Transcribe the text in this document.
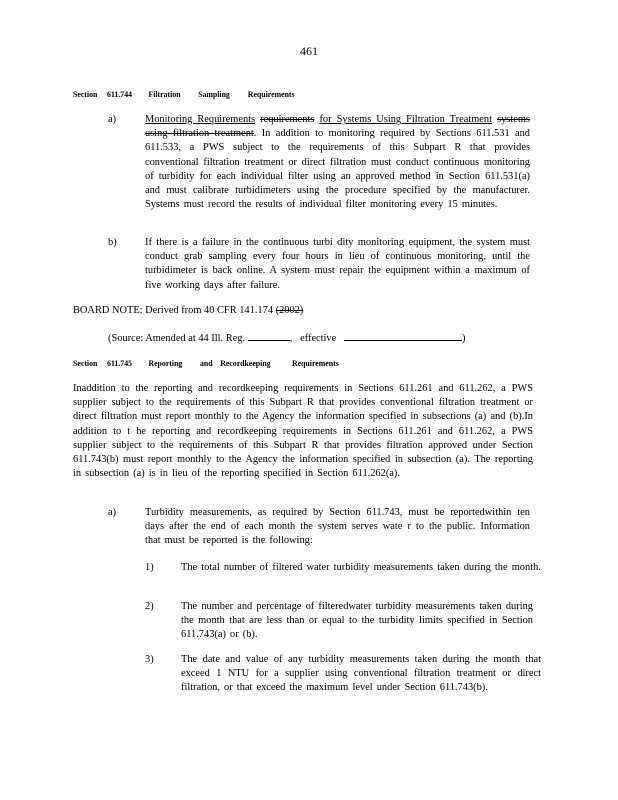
461
Section 611.744 Filtration Sampling Requirements
a)	Monitoring Requirements requirements for Systems Using Filtration Treatment systems using filtration treatment. In addition to monitoring required by Sections 611.531 and 611.533, a PWS subject to the requirements of this Subpart R that provides conventional filtration treatment or direct filtration must conduct continuous monitoring of turbidity for each individual filter using an approved method in Section 611.531(a) and must calibrate turbidimeters using the procedure specified by the manufacturer. Systems must record the results of individual filter monitoring every 15 minutes.
b)	If there is a failure in the continuous turbi dity monitoring equipment, the system must conduct grab sampling every four hours in lieu of continuous monitoring, until the turbidimeter is back online. A system must repair the equipment within a maximum of five working days after failure.
BOARD NOTE: Derived from 40 CFR 141.174 (2002)
(Source: Amended at 44 Ill. Reg.	, effective	)
Section 611.745 Reporting and Recordkeeping	Requirements
Inaddition to the reporting and recordkeeping requirements in Sections 611.261 and 611.262, a PWS supplier subject to the requirements of this Subpart R that provides conventional filtration treatment or direct filtration must report monthly to the Agency the information specified in subsections (a) and (b).In addition to t he reporting and recordkeeping requirements in Sections 611.261 and 611.262, a PWS supplier subject to the requirements of this Subpart R that provides filtration approved under Section 611.743(b) must report monthly to the Agency the information specified in subsection (a). The reporting in subsection (a) is in lieu of the reporting specified in Section 611.262(a).
a)	Turbidity measurements, as required by Section 611.743, must be reportedwithin ten days after the end of each month the system serves wate r to the public. Information that must be reported is the following:
1)	The total number of filtered water turbidity measurements taken during the month.
2)	The number and percentage of filteredwater turbidity measurements taken during the month that are less than or equal to the turbidity limits specified in Section 611.743(a) or (b).
3)	The date and value of any turbidity measurements taken during the month that exceed 1 NTU for a supplier using conventional filtration treatment or direct filtration, or that exceed the maximum level under Section 611.743(b).
